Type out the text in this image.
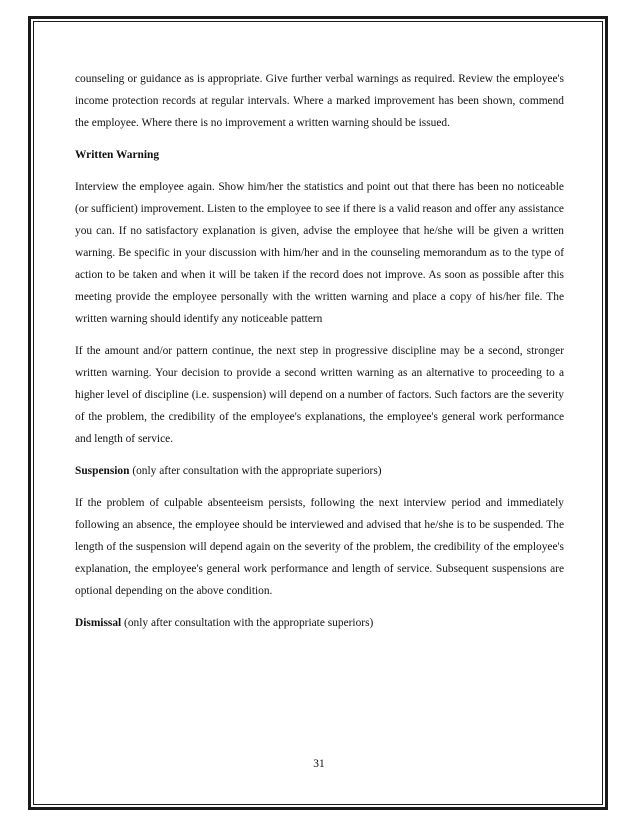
counseling or guidance as is appropriate. Give further verbal warnings as required. Review the employee's income protection records at regular intervals. Where a marked improvement has been shown, commend the employee. Where there is no improvement a written warning should be issued.

Written Warning

Interview the employee again. Show him/her the statistics and point out that there has been no noticeable (or sufficient) improvement. Listen to the employee to see if there is a valid reason and offer any assistance you can. If no satisfactory explanation is given, advise the employee that he/she will be given a written warning. Be specific in your discussion with him/her and in the counseling memorandum as to the type of action to be taken and when it will be taken if the record does not improve. As soon as possible after this meeting provide the employee personally with the written warning and place a copy of his/her file. The written warning should identify any noticeable pattern

If the amount and/or pattern continue, the next step in progressive discipline may be a second, stronger written warning. Your decision to provide a second written warning as an alternative to proceeding to a higher level of discipline (i.e. suspension) will depend on a number of factors. Such factors are the severity of the problem, the credibility of the employee's explanations, the employee's general work performance and length of service.

Suspension (only after consultation with the appropriate superiors)

If the problem of culpable absenteeism persists, following the next interview period and immediately following an absence, the employee should be interviewed and advised that he/she is to be suspended. The length of the suspension will depend again on the severity of the problem, the credibility of the employee's explanation, the employee's general work performance and length of service. Subsequent suspensions are optional depending on the above condition.

Dismissal (only after consultation with the appropriate superiors)
31
